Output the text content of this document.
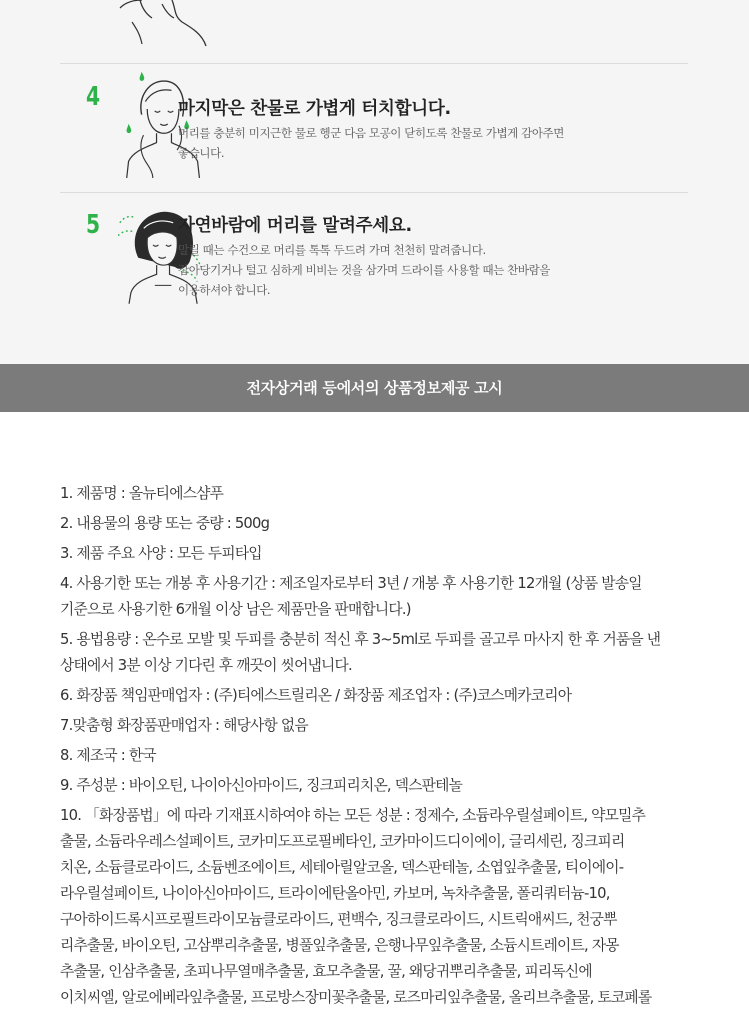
4	마지막은 찬물로 가볍게 터치합니다.
머리를 충분히 미지근한 물로 헹군 다음 모공이 닫히도록 찬물로 가볍게 감아주면
좋습니다.
5	자연바람에 머리를 말려주세요.
말릴 때는 수건으로 머리를 톡톡 두드려 가며 천천히 말려줍니다.
잡아당기거나 털고 심하게 비비는 것을 삼가며 드라이를 사용할 때는 찬바람을
이용하셔야 합니다.
전자상거래 등에서의 상품정보제공 고시
1. 제품명 : 올뉴티에스샴푸
2. 내용물의 용량 또는 중량 : 500g
3. 제품 주요 사양 : 모든 두피타입
4. 사용기한 또는 개봉 후 사용기간 : 제조일자로부터 3년 / 개봉 후 사용기한 12개월 (상품 발송일
기준으로 사용기한 6개월 이상 남은 제품만을 판매합니다.)
5. 용법용량 : 온수로 모발 및 두피를 충분히 적신 후 3~5ml로 두피를 골고루 마사지 한 후 거품을 낸
상태에서 3분 이상 기다린 후 깨끗이 씻어냅니다.
6. 화장품 책임판매업자 : (주)티에스트릴리온 / 화장품 제조업자 : (주)코스메카코리아
7.맞춤형 화장품판매업자 : 해당사항 없음
8. 제조국 : 한국
9. 주성분 : 바이오틴, 나이아신아마이드, 징크피리치온, 덱스판테놀
10. 「화장품법」에 따라 기재표시하여야 하는 모든 성분 : 정제수, 소듐라우릴설페이트, 약모밀추
출물, 소듐라우레스설페이트, 코카미도프로필베타인, 코카마이드디이에이, 글리세린, 징크피리
치온, 소듐클로라이드, 소듐벤조에이트, 세테아릴알코올, 덱스판테놀, 소엽잎추출물, 티이에이-
라우릴설페이트, 나이아신아마이드, 트라이에탄올아민, 카보머, 녹차추출물, 폴리쿼터늄-10,
구아하이드록시프로필트라이모늄클로라이드, 편백수, 징크클로라이드, 시트릭애씨드, 천궁뿌
리추출물, 바이오틴, 고삼뿌리추출물, 병풀잎추출물, 은행나무잎추출물, 소듐시트레이트, 자몽
추출물, 인삼추출물, 초피나무열매추출물, 효모추출물, 꿀, 왜당귀뿌리추출물, 피리독신에
이치씨엘, 알로에베라잎추출물, 프로방스장미꽃추출물, 로즈마리잎추출물, 올리브추출물, 토코페롤
